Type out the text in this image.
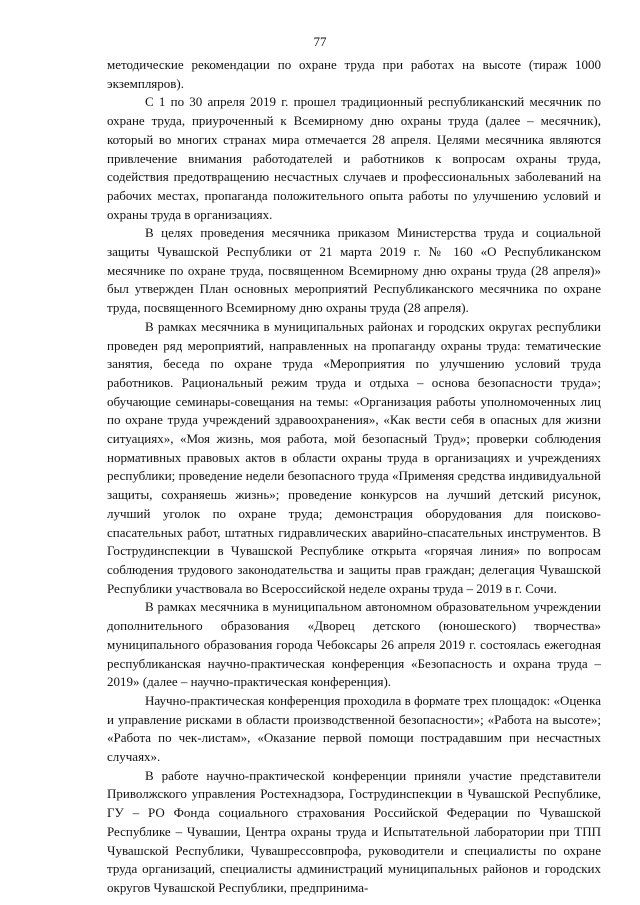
77

методические рекомендации по охране труда при работах на высоте (тираж 1000 экземпляров).

С 1 по 30 апреля 2019 г. прошел традиционный республиканский месячник по охране труда, приуроченный к Всемирному дню охраны труда (далее – месячник), который во многих странах мира отмечается 28 апреля. Целями месячника являются привлечение внимания работодателей и работников к вопросам охраны труда, содействия предотвращению несчастных случаев и профессиональных заболеваний на рабочих местах, пропаганда положительного опыта работы по улучшению условий и охраны труда в организациях.

В целях проведения месячника приказом Министерства труда и социальной защиты Чувашской Республики от 21 марта 2019 г. № 160 «О Республиканском месячнике по охране труда, посвященном Всемирному дню охраны труда (28 апреля)» был утвержден План основных мероприятий Республиканского месячника по охране труда, посвященного Всемирному дню охраны труда (28 апреля).

В рамках месячника в муниципальных районах и городских округах республики проведен ряд мероприятий, направленных на пропаганду охраны труда: тематические занятия, беседа по охране труда «Мероприятия по улучшению условий труда работников. Рациональный режим труда и отдыха – основа безопасности труда»; обучающие семинары-совещания на темы: «Организация работы уполномоченных лиц по охране труда учреждений здравоохранения», «Как вести себя в опасных для жизни ситуациях», «Моя жизнь, моя работа, мой безопасный Труд»; проверки соблюдения нормативных правовых актов в области охраны труда в организациях и учреждениях республики; проведение недели безопасного труда «Применяя средства индивидуальной защиты, сохраняешь жизнь»; проведение конкурсов на лучший детский рисунок, лучший уголок по охране труда; демонстрация оборудования для поисково-спасательных работ, штатных гидравлических аварийно-спасательных инструментов. В Гострудинспекции в Чувашской Республике открыта «горячая линия» по вопросам соблюдения трудового законодательства и защиты прав граждан; делегация Чувашской Республики участвовала во Всероссийской неделе охраны труда – 2019 в г. Сочи.

В рамках месячника в муниципальном автономном образовательном учреждении дополнительного образования «Дворец детского (юношеского) творчества» муниципального образования города Чебоксары 26 апреля 2019 г. состоялась ежегодная республиканская научно-практическая конференция «Безопасность и охрана труда – 2019» (далее – научно-практическая конференция).

Научно-практическая конференция проходила в формате трех площадок: «Оценка и управление рисками в области производственной безопасности»; «Работа на высоте»; «Работа по чек-листам», «Оказание первой помощи пострадавшим при несчастных случаях».

В работе научно-практической конференции приняли участие представители Приволжского управления Ростехнадзора, Гострудинспекции в Чувашской Республике, ГУ – РО Фонда социального страхования Российской Федерации по Чувашской Республике – Чувашии, Центра охраны труда и Испытательной лаборатории при ТПП Чувашской Республики, Чувашрессовпрофа, руководители и специалисты по охране труда организаций, специалисты администраций муниципальных районов и городских округов Чувашской Республики, предпринима-
